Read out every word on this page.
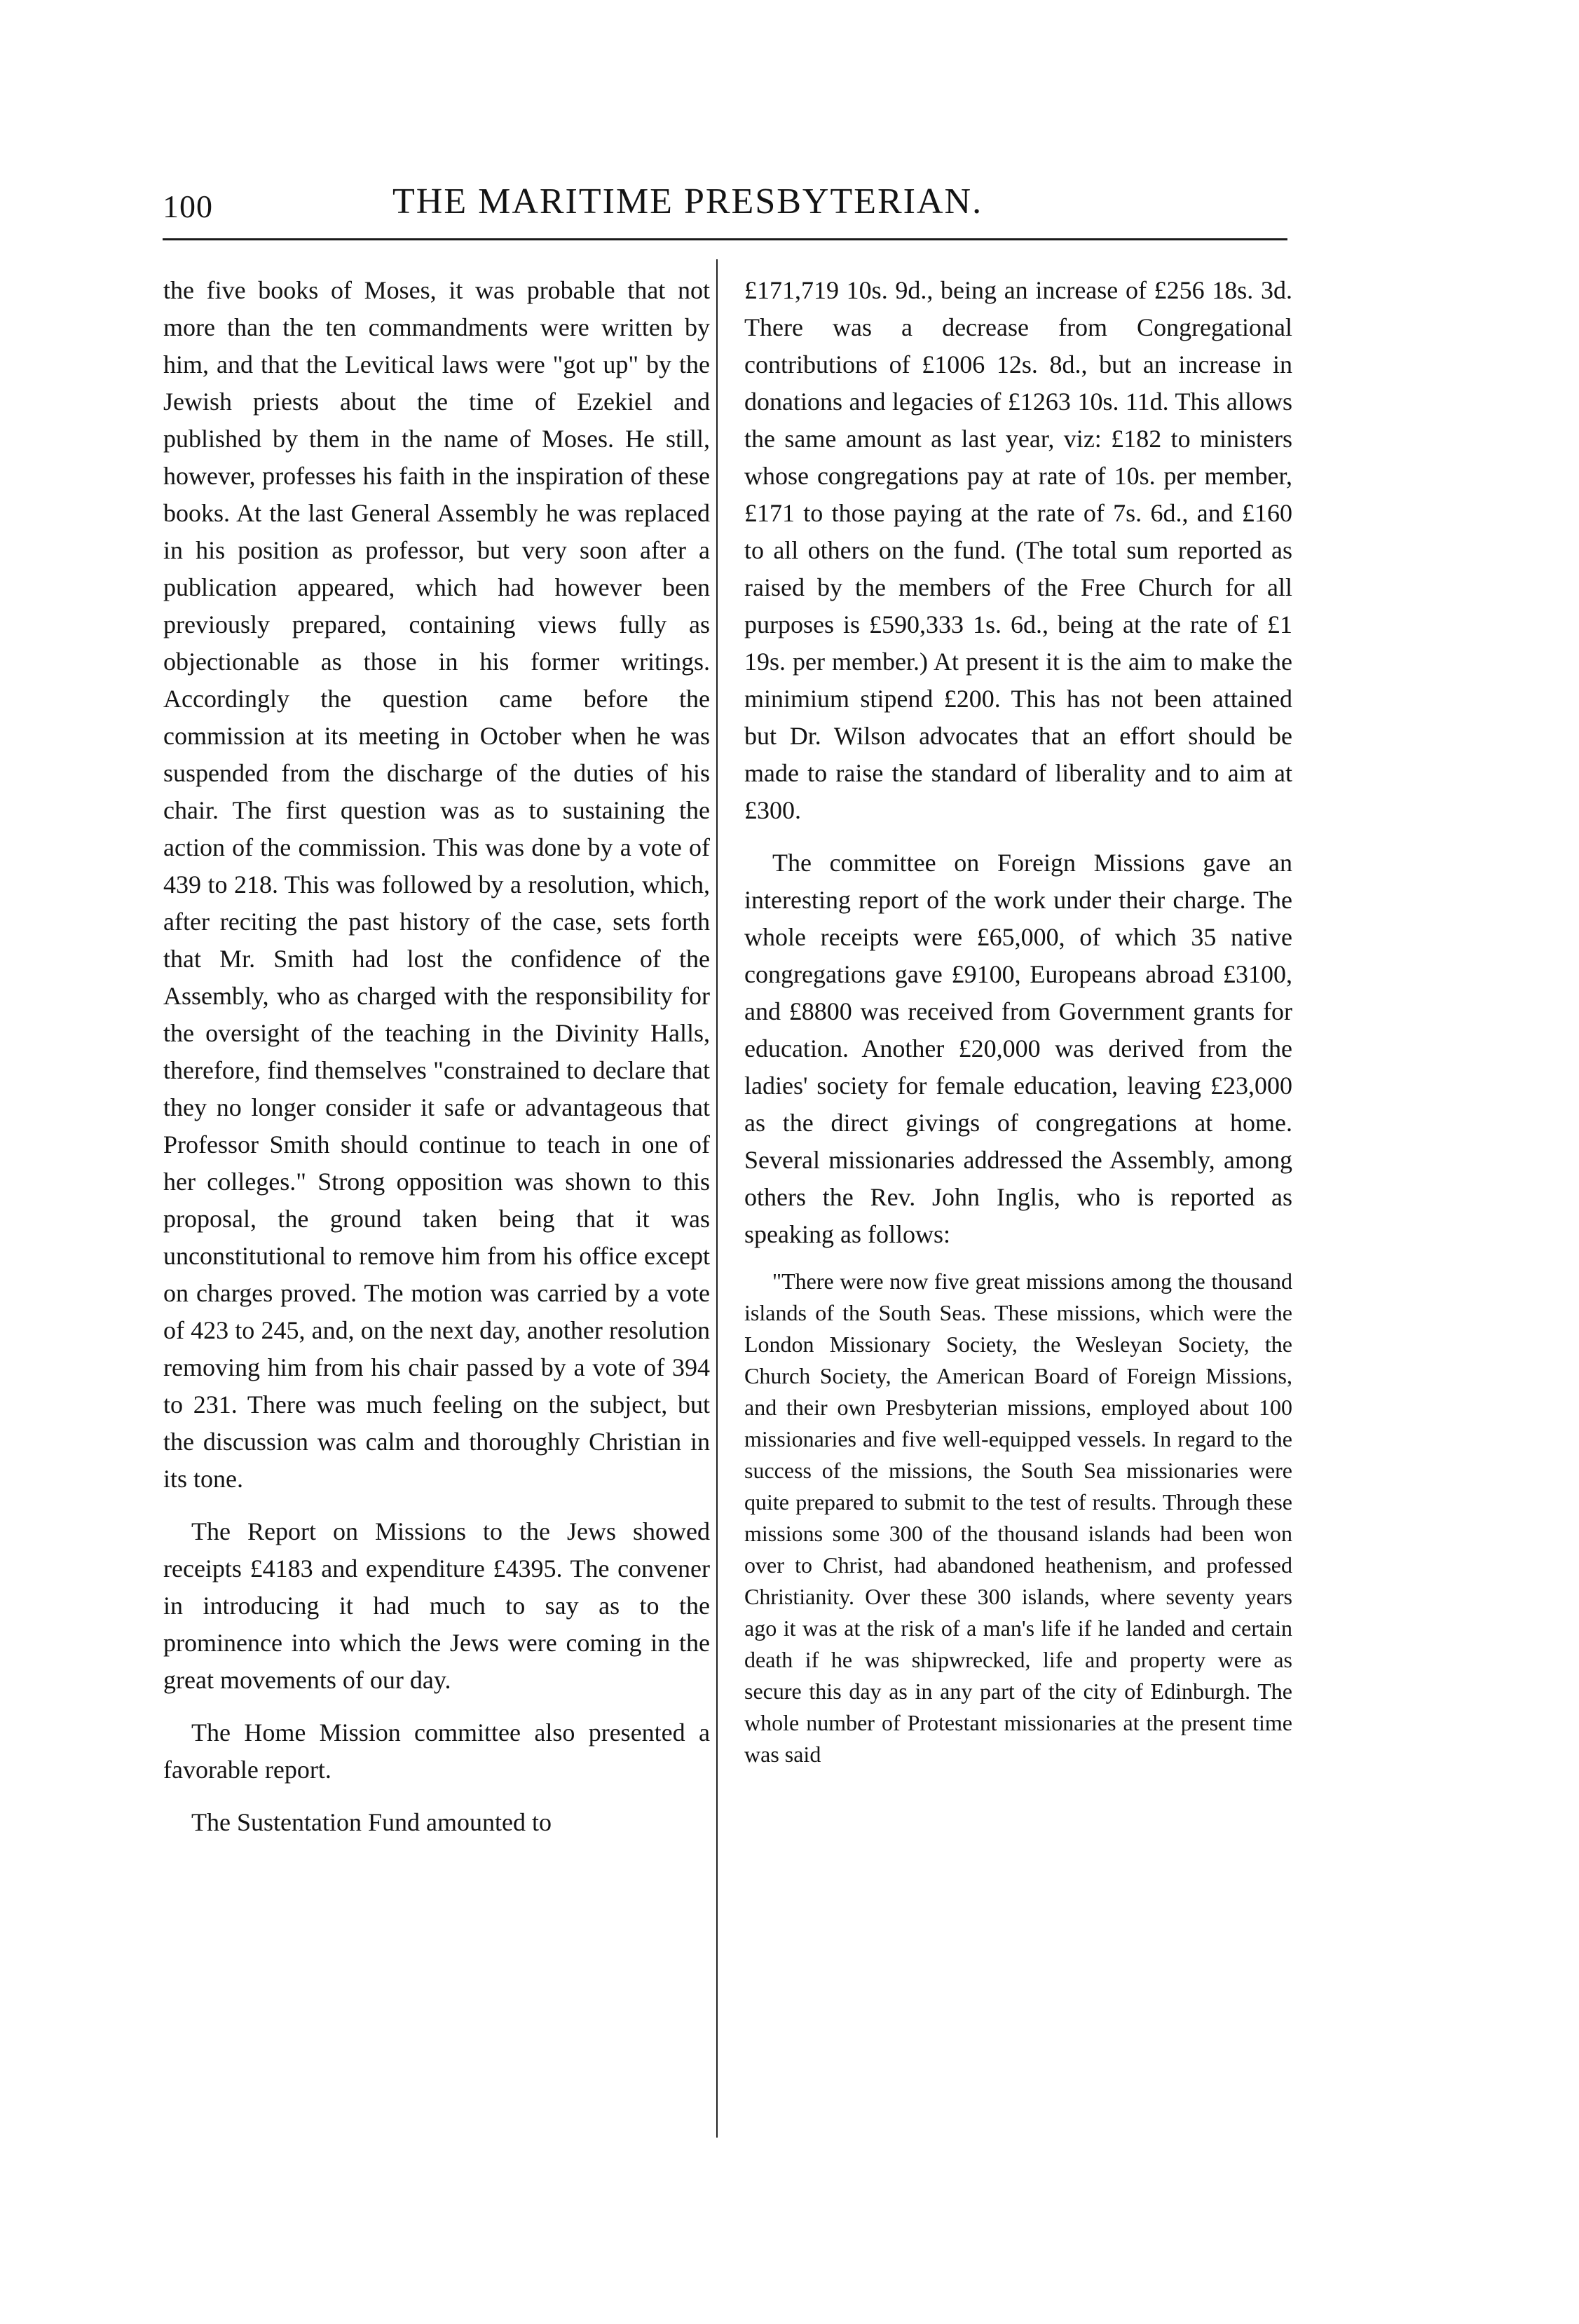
100	THE MARITIME PRESBYTERIAN.

the five books of Moses, it was probable that not more than the ten commandments were written by him, and that the Levitical laws were "got up" by the Jewish priests about the time of Ezekiel and published by them in the name of Moses. He still, however, professes his faith in the inspiration of these books. At the last General Assembly he was replaced in his position as professor, but very soon after a publication appeared, which had however been previously prepared, containing views fully as objectionable as those in his former writings. Accordingly the question came before the commission at its meeting in October when he was suspended from the discharge of the duties of his chair. The first question was as to sustaining the action of the commission. This was done by a vote of 439 to 218. This was followed by a resolution, which, after reciting the past history of the case, sets forth that Mr. Smith had lost the confidence of the Assembly, who as charged with the responsibility for the oversight of the teaching in the Divinity Halls, therefore, find themselves "constrained to declare that they no longer consider it safe or advantageous that Professor Smith should continue to teach in one of her colleges." Strong opposition was shown to this proposal, the ground taken being that it was unconstitutional to remove him from his office except on charges proved. The motion was carried by a vote of 423 to 245, and, on the next day, another resolution removing him from his chair passed by a vote of 394 to 231. There was much feeling on the subject, but the discussion was calm and thoroughly Christian in its tone.

The Report on Missions to the Jews showed receipts £4183 and expenditure £4395. The convener in introducing it had much to say as to the prominence into which the Jews were coming in the great movements of our day.

The Home Mission committee also presented a favorable report.

The Sustentation Fund amounted to

£171,719 10s. 9d., being an increase of £256 18s. 3d. There was a decrease from Congregational contributions of £1006 12s. 8d., but an increase in donations and legacies of £1263 10s. 11d. This allows the same amount as last year, viz: £182 to ministers whose congregations pay at rate of 10s. per member, £171 to those paying at the rate of 7s. 6d., and £160 to all others on the fund. (The total sum reported as raised by the members of the Free Church for all purposes is £590,333 1s. 6d., being at the rate of £1 19s. per member.) At present it is the aim to make the minimium stipend £200. This has not been attained but Dr. Wilson advocates that an effort should be made to raise the standard of liberality and to aim at £300.

The committee on Foreign Missions gave an interesting report of the work under their charge. The whole receipts were £65,000, of which 35 native congregations gave £9100, Europeans abroad £3100, and £8800 was received from Government grants for education. Another £20,000 was derived from the ladies' society for female education, leaving £23,000 as the direct givings of congregations at home. Several missionaries addressed the Assembly, among others the Rev. John Inglis, who is reported as speaking as follows:

"There were now five great missions among the thousand islands of the South Seas. These missions, which were the London Missionary Society, the Wesleyan Society, the Church Society, the American Board of Foreign Missions, and their own Presbyterian missions, employed about 100 missionaries and five well-equipped vessels. In regard to the success of the missions, the South Sea missionaries were quite prepared to submit to the test of results. Through these missions some 300 of the thousand islands had been won over to Christ, had abandoned heathenism, and professed Christianity. Over these 300 islands, where seventy years ago it was at the risk of a man's life if he landed and certain death if he was shipwrecked, life and property were as secure this day as in any part of the city of Edinburgh. The whole number of Protestant missionaries at the present time was said
